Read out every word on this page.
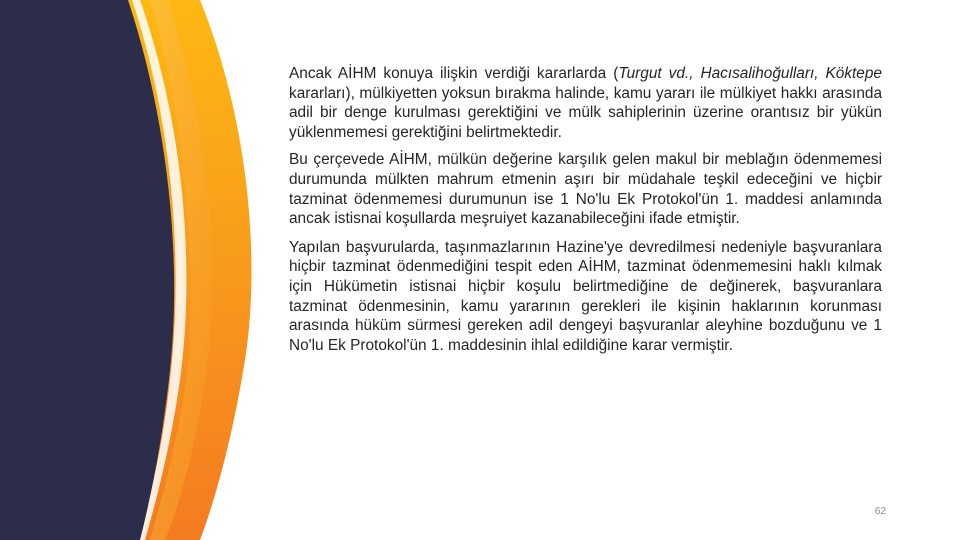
Ancak AİHM konuya ilişkin verdiği kararlarda (Turgut vd., Hacısalihoğulları, Köktepe kararları), mülkiyetten yoksun bırakma halinde, kamu yararı ile mülkiyet hakkı arasında adil bir denge kurulması gerektiğini ve mülk sahiplerinin üzerine orantısız bir yükün yüklenmemesi gerektiğini belirtmektedir.

Bu çerçevede AİHM, mülkün değerine karşılık gelen makul bir meblağın ödenmemesi durumunda mülkten mahrum etmenin aşırı bir müdahale teşkil edeceğini ve hiçbir tazminat ödenmemesi durumunun ise 1 No'lu Ek Protokol'ün 1. maddesi anlamında ancak istisnai koşullarda meşruiyet kazanabileceğini ifade etmiştir.

Yapılan başvurularda, taşınmazlarının Hazine'ye devredilmesi nedeniyle başvuranlara hiçbir tazminat ödenmediğini tespit eden AİHM, tazminat ödenmemesini haklı kılmak için Hükümetin istisnai hiçbir koşulu belirtmediğine de değinerek, başvuranlara tazminat ödenmesinin, kamu yararının gerekleri ile kişinin haklarının korunması arasında hüküm sürmesi gereken adil dengeyi başvuranlar aleyhine bozduğunu ve 1 No'lu Ek Protokol'ün 1. maddesinin ihlal edildiğine karar vermiştir.

62
